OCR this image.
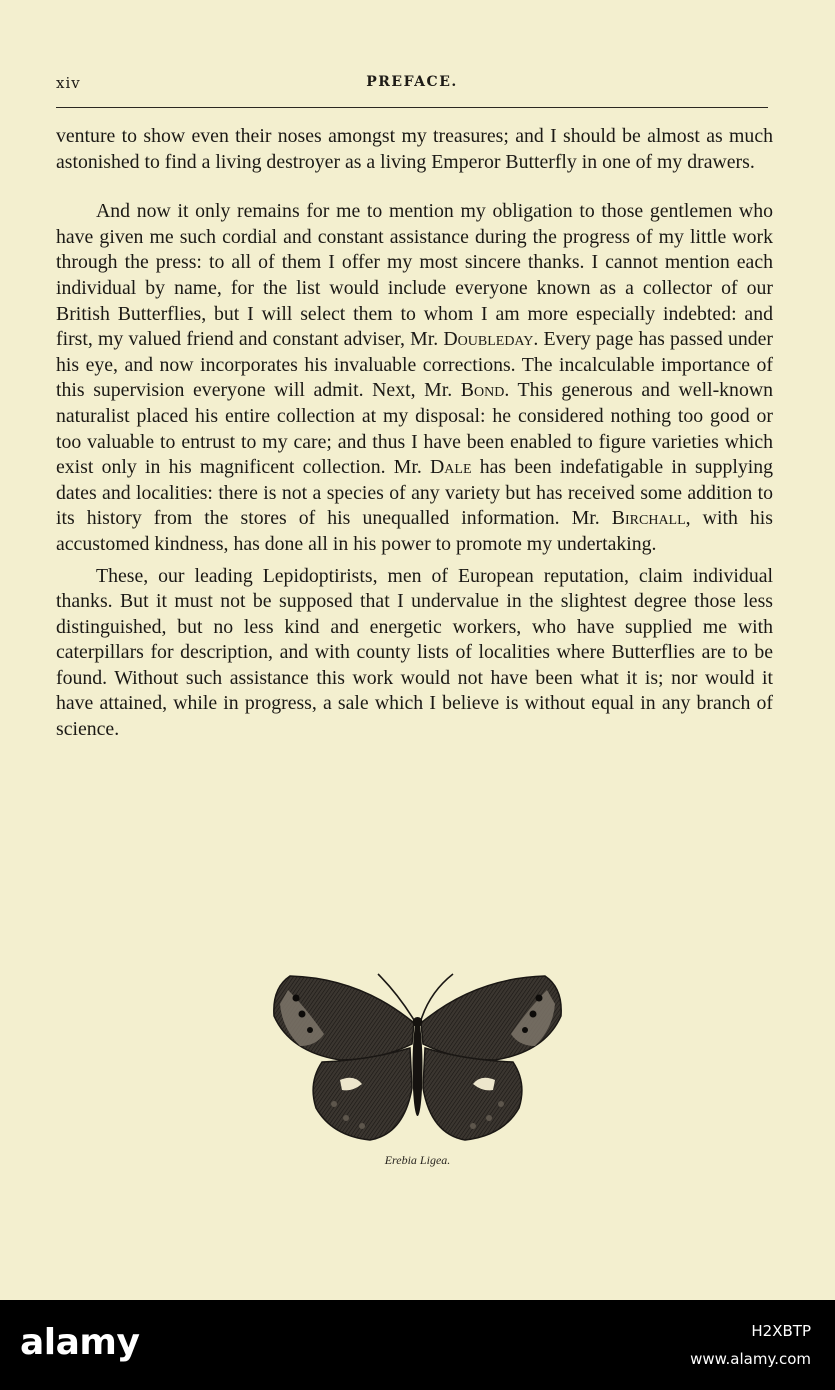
xiv	PREFACE.

venture to show even their noses amongst my treasures; and I should be almost as much astonished to find a living destroyer as a living Emperor Butterfly in one of my drawers.

And now it only remains for me to mention my obligation to those gentlemen who have given me such cordial and constant assistance during the progress of my little work through the press: to all of them I offer my most sincere thanks. I cannot mention each individual by name, for the list would include everyone known as a collector of our British Butterflies, but I will select them to whom I am more especially indebted: and first, my valued friend and constant adviser, Mr. Doubleday. Every page has passed under his eye, and now incorporates his invaluable corrections. The incalculable importance of this supervision everyone will admit. Next, Mr. Bond. This generous and well-known naturalist placed his entire collection at my disposal: he considered nothing too good or too valuable to entrust to my care; and thus I have been enabled to figure varieties which exist only in his magnificent collection. Mr. Dale has been indefatigable in supplying dates and localities: there is not a species of any variety but has received some addition to its history from the stores of his unequalled information. Mr. Birchall, with his accustomed kindness, has done all in his power to promote my undertaking.

These, our leading Lepidoptirists, men of European reputation, claim individual thanks. But it must not be supposed that I undervalue in the slightest degree those less distinguished, but no less kind and energetic workers, who have supplied me with caterpillars for description, and with county lists of localities where Butterflies are to be found. Without such assistance this work would not have been what it is; nor would it have attained, while in progress, a sale which I believe is without equal in any branch of science.

Erebia Ligea.
alamy	H2XBTP
www.alamy.com
